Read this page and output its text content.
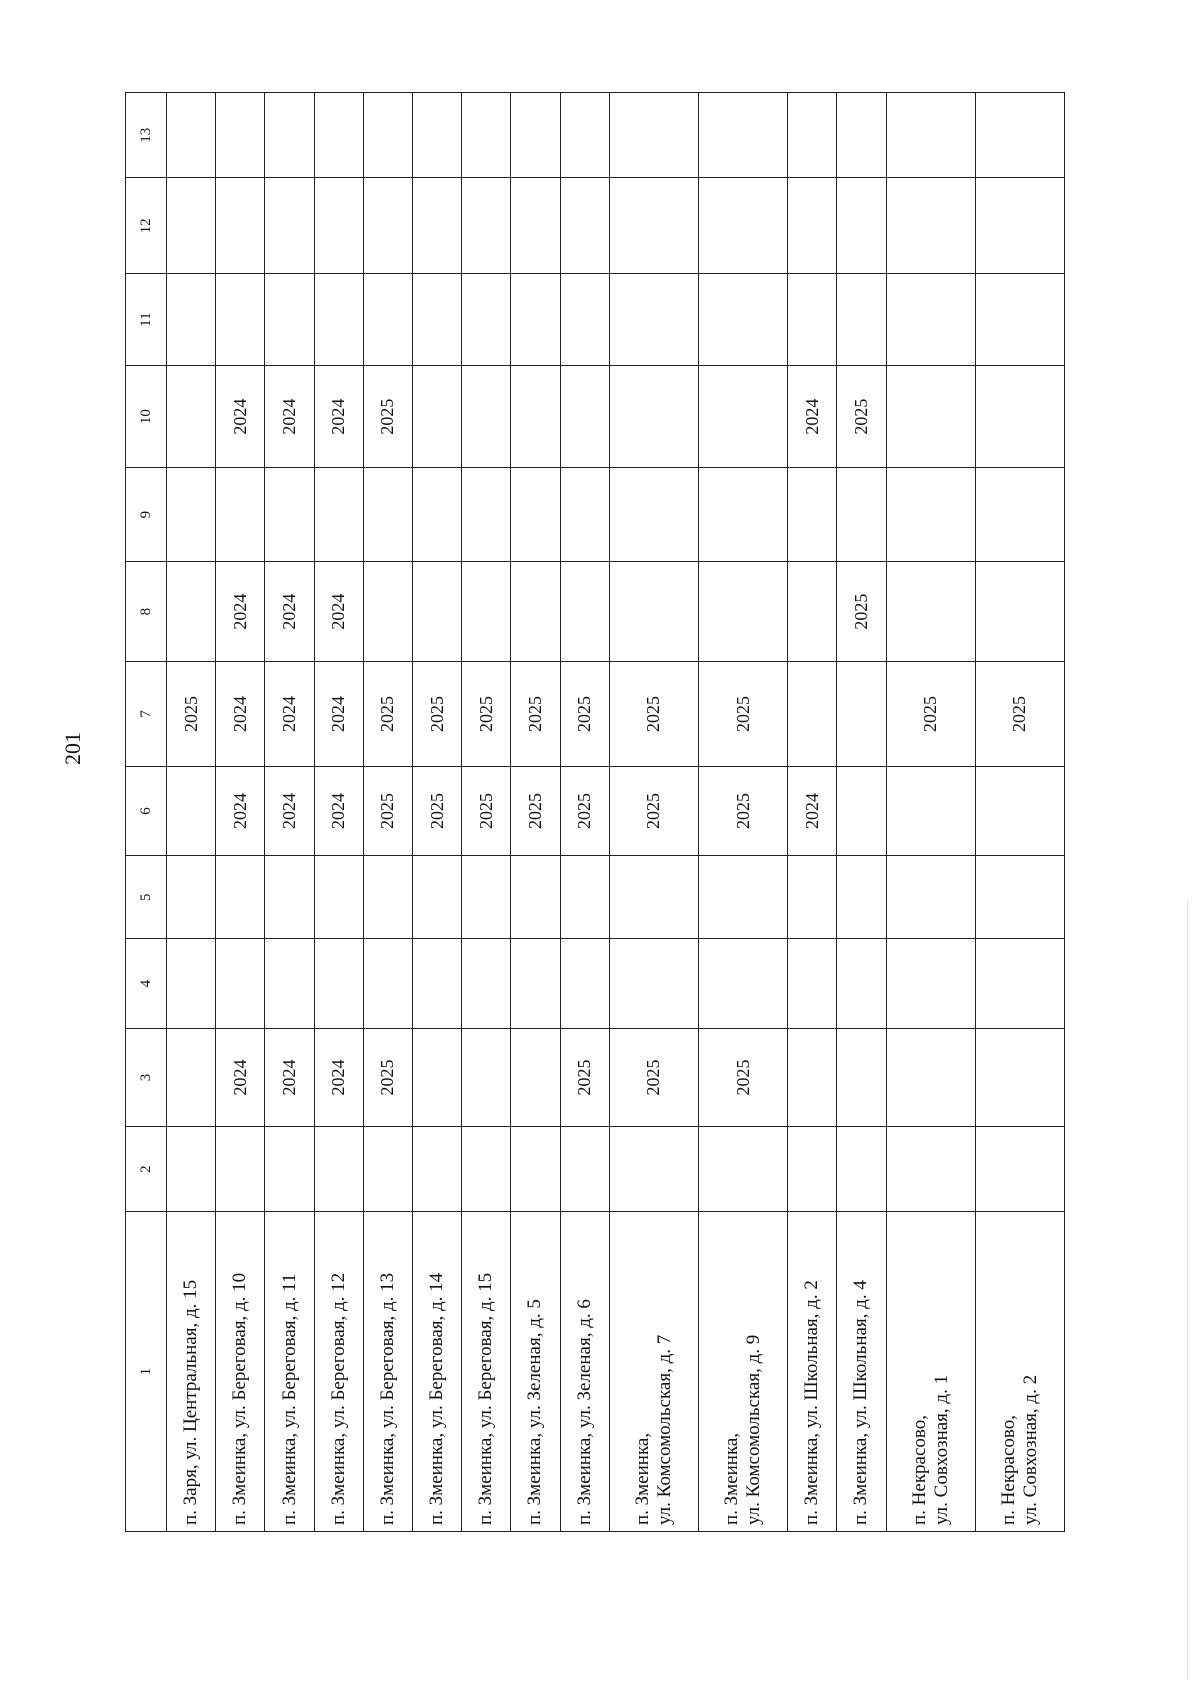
201
1	2	3	4	5	6	7	8	9	10	11	12	13
п. Заря, ул. Центральная, д. 15						2025						
п. Змеинка, ул. Береговая, д. 10		2024			2024	2024	2024		2024			
п. Змеинка, ул. Береговая, д. 11		2024			2024	2024	2024		2024			
п. Змеинка, ул. Береговая, д. 12		2024			2024	2024	2024		2024			
п. Змеинка, ул. Береговая, д. 13		2025			2025	2025			2025			
п. Змеинка, ул. Береговая, д. 14					2025	2025						
п. Змеинка, ул. Береговая, д. 15					2025	2025						
п. Змеинка, ул. Зеленая, д. 5					2025	2025						
п. Змеинка, ул. Зеленая, д. 6		2025			2025	2025						
п. Змеинка,
ул. Комсомольская, д. 7		2025			2025	2025						
п. Змеинка,
ул. Комсомольская, д. 9		2025			2025	2025						
п. Змеинка, ул. Школьная, д. 2					2024				2024			
п. Змеинка, ул. Школьная, д. 4							2025		2025			
п. Некрасово,
ул. Совхозная, д. 1						2025						
п. Некрасово,
ул. Совхозная, д. 2						2025						
